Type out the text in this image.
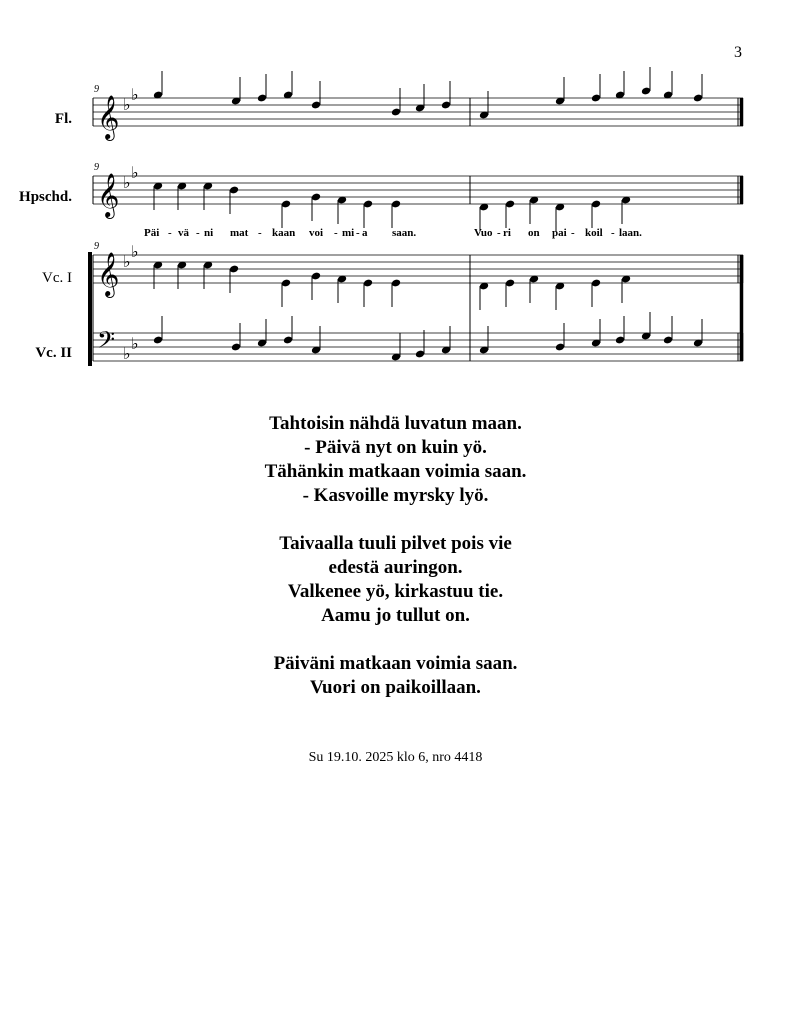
3
Fl.
Hpschd.
Vc. I
Vc. II
9
9
9
𝄞 ♭
♭
𝄞 ♭
♭
𝄞 ♭
♭
𝄢 ♭
♭
Päi - vä - ni mat - kaan voi - mi - a saan.	Vuo - ri on pai - koil - laan.
Tahtoisin nähdä luvatun maan.
- Päivä nyt on kuin yö.
Tähänkin matkaan voimia saan.
- Kasvoille myrsky lyö.
Taivaalla tuuli pilvet pois vie
edestä auringon.
Valkenee yö, kirkastuu tie.
Aamu jo tullut on.
Päiväni matkaan voimia saan.
Vuori on paikoillaan.
Su 19.10. 2025 klo 6, nro 4418
